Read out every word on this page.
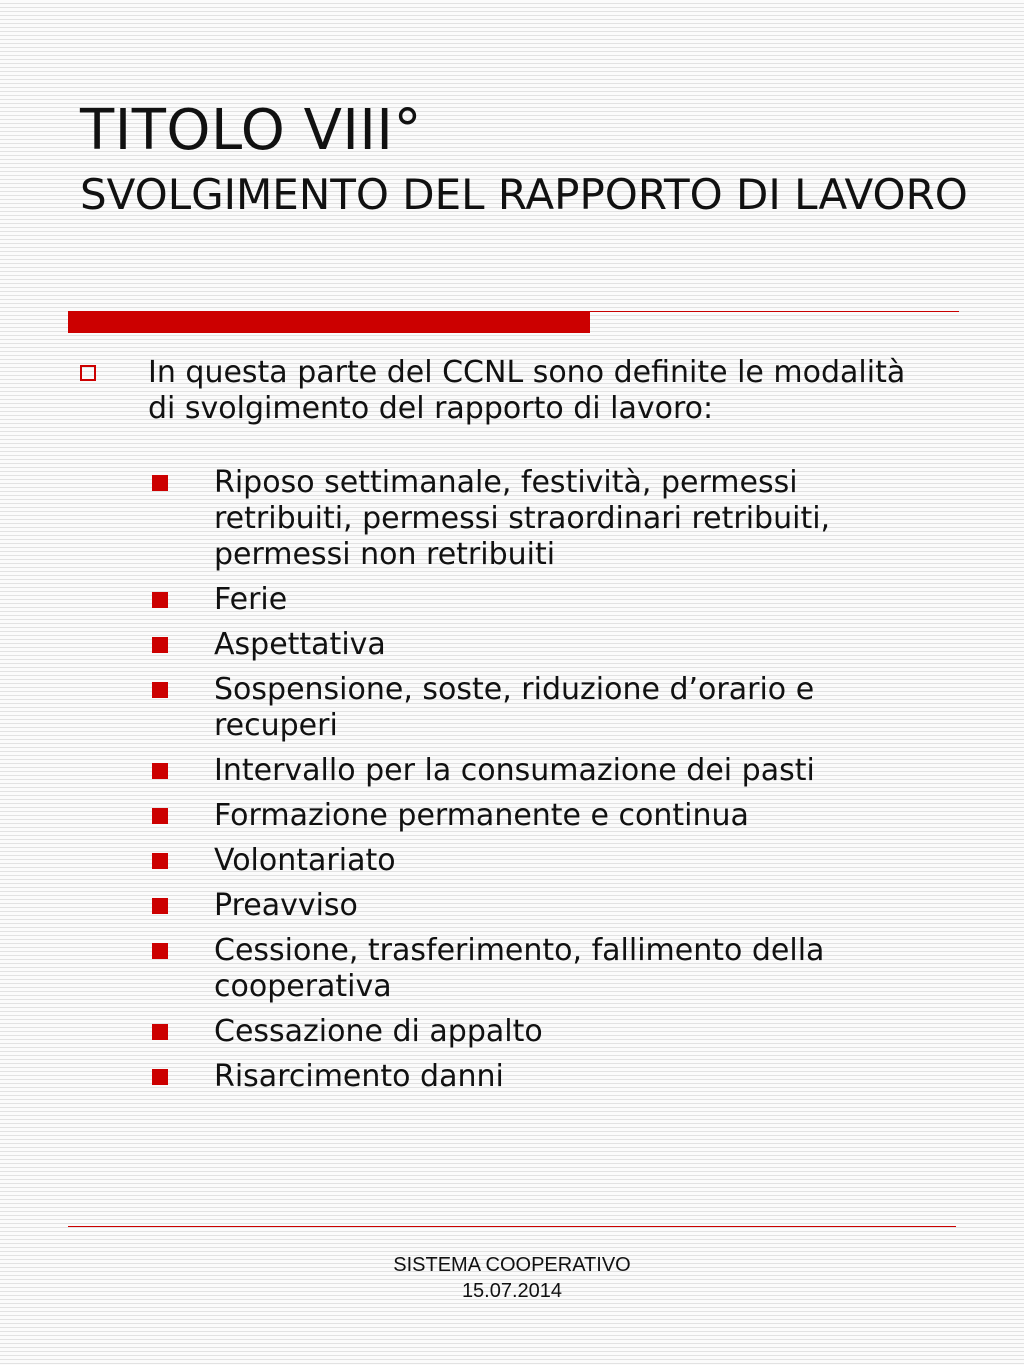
TITOLO VIII°
SVOLGIMENTO DEL RAPPORTO DI LAVORO
In questa parte del CCNL sono definite le modalità di svolgimento del rapporto di lavoro:
Riposo settimanale, festività, permessi retribuiti, permessi straordinari retribuiti, permessi non retribuiti
Ferie
Aspettativa
Sospensione, soste, riduzione d’orario e recuperi
Intervallo per la consumazione dei pasti
Formazione permanente e continua
Volontariato
Preavviso
Cessione, trasferimento, fallimento della cooperativa
Cessazione di appalto
Risarcimento danni
SISTEMA COOPERATIVO
15.07.2014
